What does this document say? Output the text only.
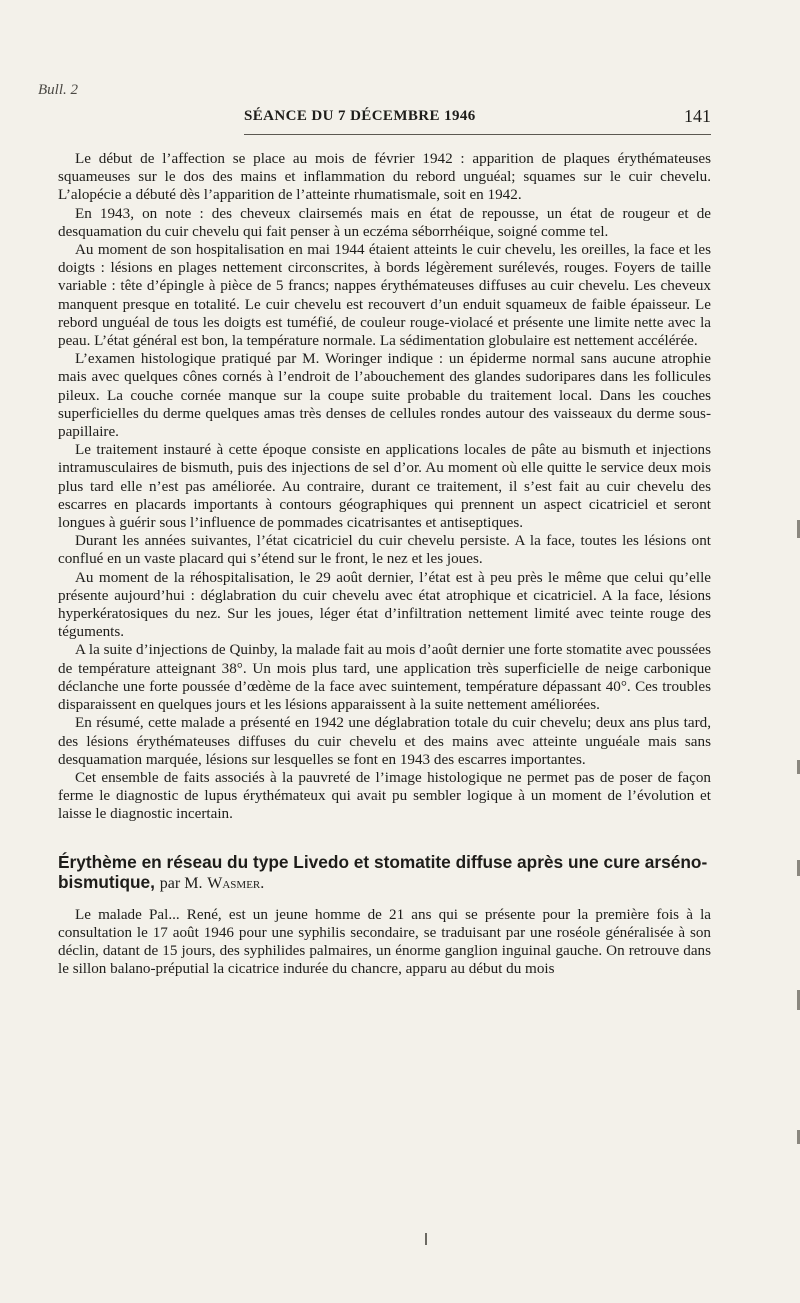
Bull. 2

SÉANCE DU 7 DÉCEMBRE 1946	141

Le début de l’affection se place au mois de février 1942 : apparition de plaques érythémateuses squameuses sur le dos des mains et inflammation du rebord unguéal; squames sur le cuir chevelu. L’alopécie a débuté dès l’apparition de l’atteinte rhumatismale, soit en 1942.

En 1943, on note : des cheveux clairsemés mais en état de repousse, un état de rougeur et de desquamation du cuir chevelu qui fait penser à un eczéma séborrhéique, soigné comme tel.

Au moment de son hospitalisation en mai 1944 étaient atteints le cuir chevelu, les oreilles, la face et les doigts : lésions en plages nettement circonscrites, à bords légèrement surélevés, rouges. Foyers de taille variable : tête d’épingle à pièce de 5 francs; nappes érythémateuses diffuses au cuir chevelu. Les cheveux manquent presque en totalité. Le cuir chevelu est recouvert d’un enduit squameux de faible épaisseur. Le rebord unguéal de tous les doigts est tuméfié, de couleur rouge-violacé et présente une limite nette avec la peau. L’état général est bon, la température normale. La sédimentation globulaire est nettement accélérée.

L’examen histologique pratiqué par M. Woringer indique : un épiderme normal sans aucune atrophie mais avec quelques cônes cornés à l’endroit de l’abouchement des glandes sudoripares dans les follicules pileux. La couche cornée manque sur la coupe suite probable du traitement local. Dans les couches superficielles du derme quelques amas très denses de cellules rondes autour des vaisseaux du derme sous-papillaire.

Le traitement instauré à cette époque consiste en applications locales de pâte au bismuth et injections intramusculaires de bismuth, puis des injections de sel d’or. Au moment où elle quitte le service deux mois plus tard elle n’est pas améliorée. Au contraire, durant ce traitement, il s’est fait au cuir chevelu des escarres en placards importants à contours géographiques qui prennent un aspect cicatriciel et seront longues à guérir sous l’influence de pommades cicatrisantes et antiseptiques.

Durant les années suivantes, l’état cicatriciel du cuir chevelu persiste. A la face, toutes les lésions ont conflué en un vaste placard qui s’étend sur le front, le nez et les joues.

Au moment de la réhospitalisation, le 29 août dernier, l’état est à peu près le même que celui qu’elle présente aujourd’hui : déglabration du cuir chevelu avec état atrophique et cicatriciel. A la face, lésions hyperkératosiques du nez. Sur les joues, léger état d’infiltration nettement limité avec teinte rouge des téguments.

A la suite d’injections de Quinby, la malade fait au mois d’août dernier une forte stomatite avec poussées de température atteignant 38°. Un mois plus tard, une application très superficielle de neige carbonique déclanche une forte poussée d’œdème de la face avec suintement, température dépassant 40°. Ces troubles disparaissent en quelques jours et les lésions apparaissent à la suite nettement améliorées.

En résumé, cette malade a présenté en 1942 une déglabration totale du cuir chevelu; deux ans plus tard, des lésions érythémateuses diffuses du cuir chevelu et des mains avec atteinte unguéale mais sans desquamation marquée, lésions sur lesquelles se font en 1943 des escarres importantes.

Cet ensemble de faits associés à la pauvreté de l’image histologique ne permet pas de poser de façon ferme le diagnostic de lupus érythémateux qui avait pu sembler logique à un moment de l’évolution et laisse le diagnostic incertain.

Érythème en réseau du type Livedo et stomatite diffuse après une cure arséno-bismutique, par M. Wasmer.

Le malade Pal... René, est un jeune homme de 21 ans qui se présente pour la première fois à la consultation le 17 août 1946 pour une syphilis secondaire, se traduisant par une roséole généralisée à son déclin, datant de 15 jours, des syphilides palmaires, un énorme ganglion inguinal gauche. On retrouve dans le sillon balano-préputial la cicatrice indurée du chancre, apparu au début du mois
